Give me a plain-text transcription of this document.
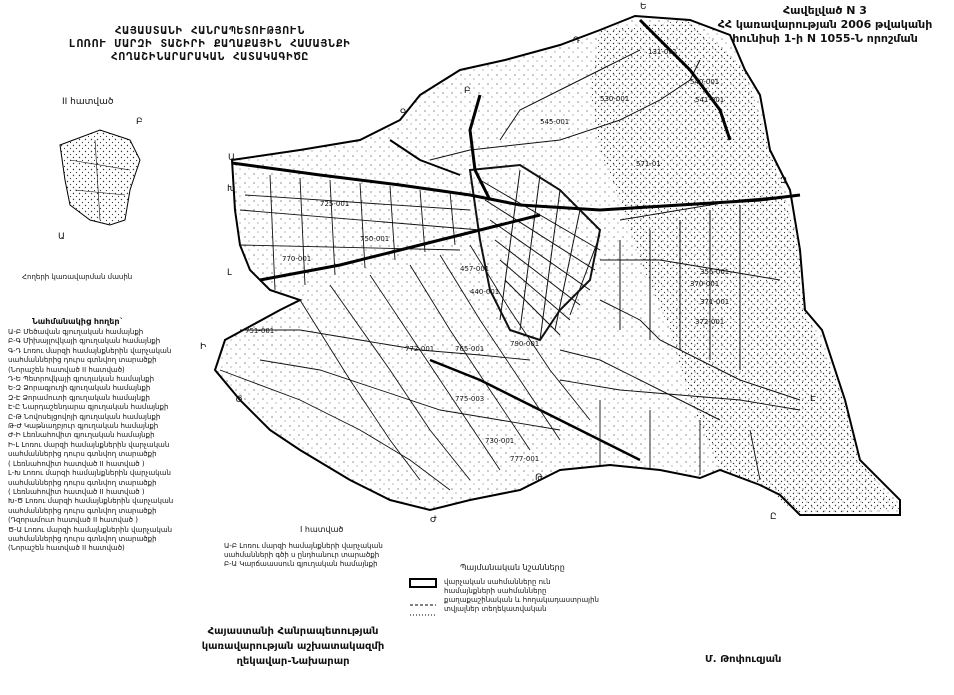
ՀԱՅԱՍՏԱՆԻ ՀԱՆՐԱՊԵՏՈՒԹՅՈՒՆ
ԼՈՌՈՒ ՄԱՐԶԻ ՏԱՇԻՐԻ ՔԱՂԱՔԱՅԻՆ ՀԱՄԱՅՆՔԻ
ՀՈՂԱՇԻՆԱՐԱՐԱԿԱՆ ՀԱՏԱԿԱԳԻԾԸ
Հավելված N 3
ՀՀ կառավարության 2006 թվականի
հունիսի 1-ի N 1055-Ն որոշման
II hատված
Բ
Ա
Հողերի կառավարման մասին
Նահմանակից հողեր`
Ա-Բ Մեծավան գյուղական համայնքի
Բ-Գ Միխայլովկայի գյուղական համայնքի
Գ-Դ Լոռու մարզի համայնքներին վարչական
սահմաններից դուրս գտնվող տարածքի
(Նորաշեն հատված II hատված)
Դ-Ե Պետրովկայի գյուղական համայնքի
Ե-Զ Ձորագյուղի գյուղական համայնքի
Զ-Է Ձորամուտի գյուղական համայնքի
Է-Ը Նարդաշենդարա գյուղական համայնքի
Ը-Թ Նովոսելցովոյի գյուղական համայնքի
Թ-Ժ Կաթնաղբյուր գյուղական համայնքի
Ժ-Ի Լեռնահովիտ գյուղական համայնքի
Ի-Լ Լոռու մարզի համայնքներին վարչական
սահմաններից դուրս գտնվող տարածքի
( Լեռնահովիտ հատված II hատված )
Լ-Խ Լոռու մարզի համայնքներին վարչական
սահմաններից դուրս գտնվող տարածքի
( Լեռնահովիտ հատված II hատված )
Խ-Ծ Լոռու մարզի համայնքներին վարչական
սահմաններից դուրս գտնվող տարածքի
(Դզորամուտ հատված II hատված )
Ծ-Ա Լոռու մարզի համայնքներին վարչական
սահմաններից դուրս գտնվող տարածքի
(Նորաշեն հատված II hատված)
I hատված
Ա-Բ Լոռու մարզի համայնքների վարչական սահմանների գծի ս ընդհանուր տարածքի
Բ-Ա Կարճաասսուն գյուղական համայնքի	Պայմանական նշանները
վարչական սահմանները ուն
համայնքների սահմանները
քաղաքաշինական և հողակադաստրային
տվյալներ տեղեկատվական
Հայաստանի Հանրապետության
կառավարության աշխատակազմի
ղեկավար-Նախարար	Մ. Թոփուզյան
Ա
Խ
Լ
Ի
Ժ
Թ
Ը
Է
Զ
Ե
Դ
Գ
Բ
Ծ
131-001
540-001
541-001
356-001
370-001
371-001
372-001
545-001
530-001
571-01
770-001
750-001
772-001	765-001
440-001
457-001
730-001
777-001
790-001
775-003
751-001
725-001
